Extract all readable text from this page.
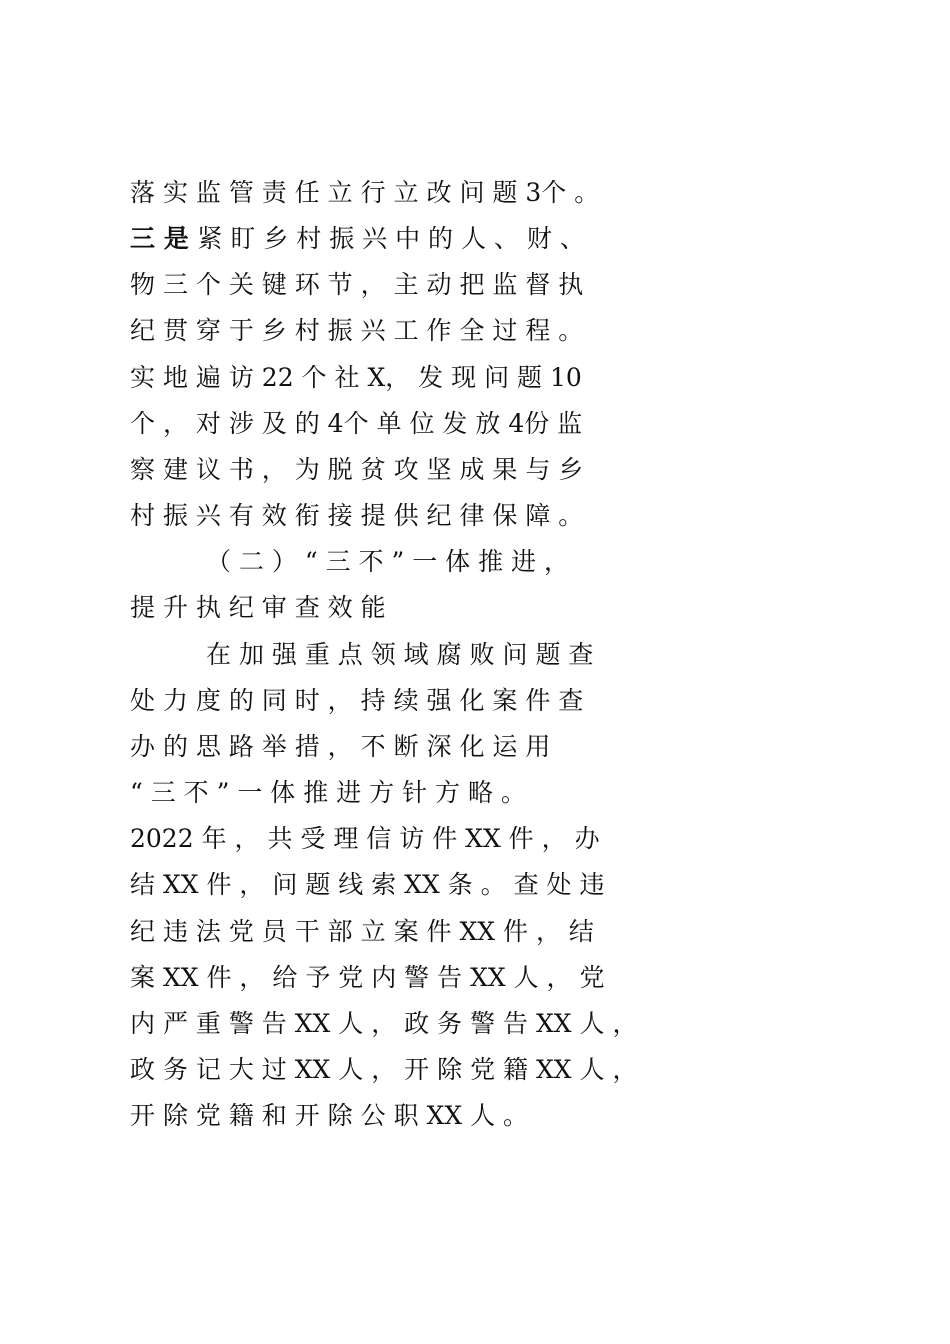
落 实 监 管 责 任 立 行 立 改 问 题 3个 。
三 是 紧 盯 乡 村 振 兴 中 的 人 、 财 、
物 三 个 关 键 环 节 ， 主 动 把 监 督 执
纪 贯 穿 于 乡 村 振 兴 工 作 全 过 程 。
实 地 遍 访 22 个 社 X， 发 现 问 题 10
个 ， 对 涉 及 的 4个 单 位 发 放 4份 监
察 建 议 书 ， 为 脱 贫 攻 坚 成 果 与 乡
村 振 兴 有 效 衔 接 提 供 纪 律 保 障 。
（ 二 ） “ 三 不 ” 一 体 推 进 ，
提 升 执 纪 审 查 效 能
在 加 强 重 点 领 域 腐 败 问 题 查
处 力 度 的 同 时 ， 持 续 强 化 案 件 查
办 的 思 路 举 措 ， 不 断 深 化 运 用
“ 三 不 ” 一 体 推 进 方 针 方 略 。
2022 年 ， 共 受 理 信 访 件 XX 件 ， 办
结 XX 件 ， 问 题 线 索 XX 条 。 查 处 违
纪 违 法 党 员 干 部 立 案 件 XX 件 ， 结
案 XX 件 ， 给 予 党 内 警 告 XX 人 ， 党
内 严 重 警 告 XX 人 ， 政 务 警 告 XX 人 ，
政 务 记 大 过 XX 人 ， 开 除 党 籍 XX 人 ，
开 除 党 籍 和 开 除 公 职 XX 人 。
